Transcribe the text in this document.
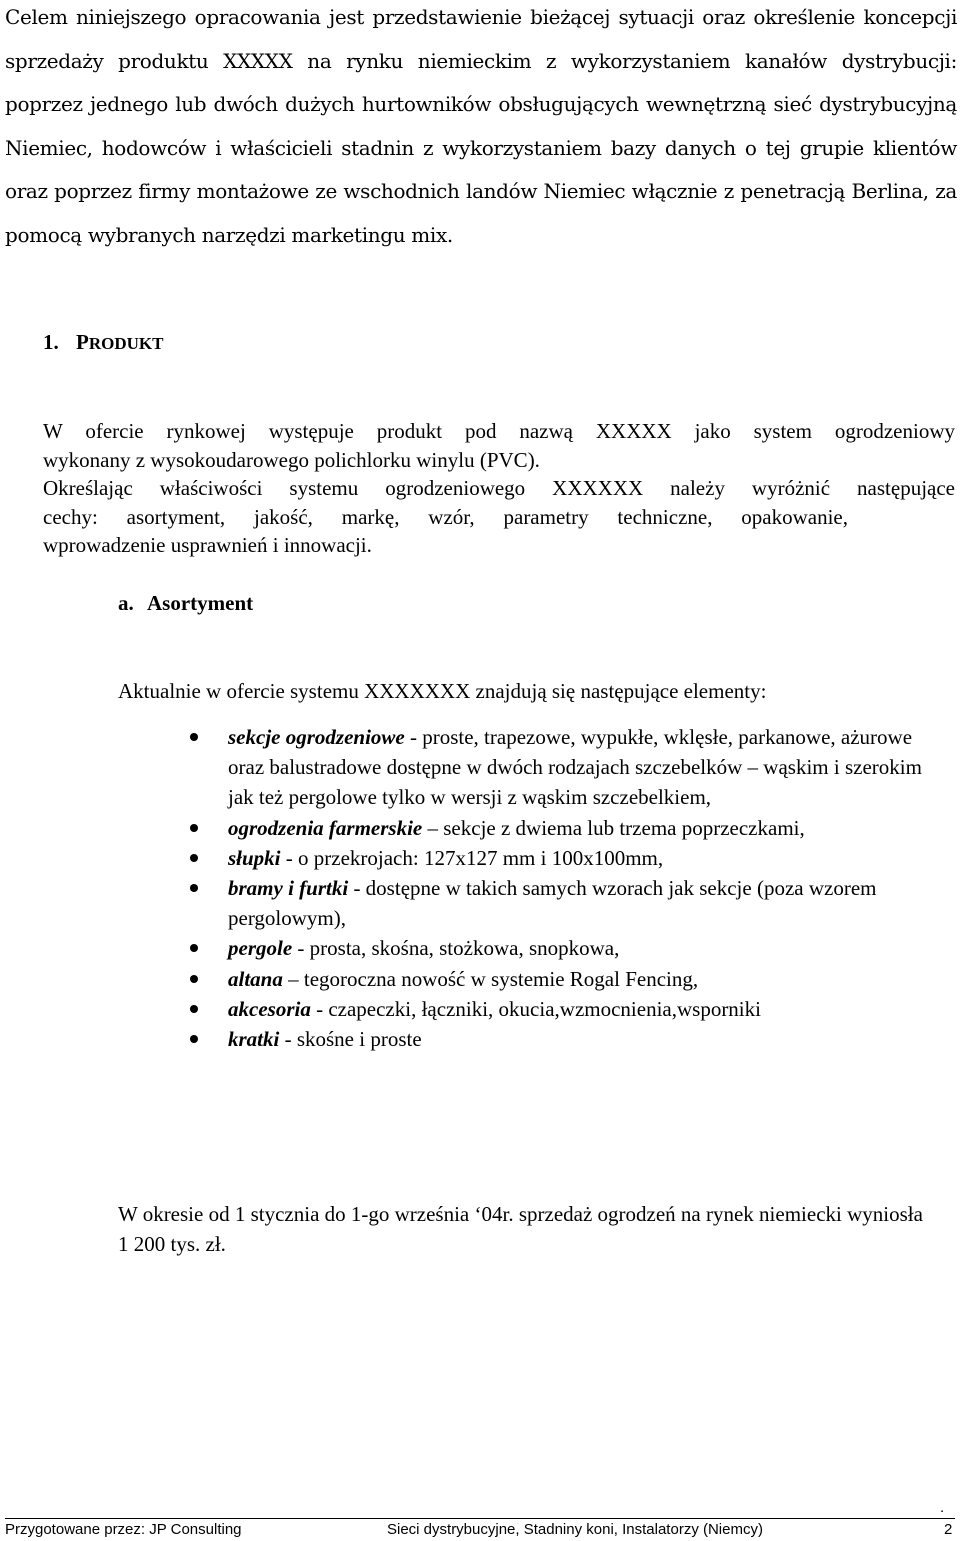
Celem niniejszego opracowania jest przedstawienie bieżącej sytuacji oraz określenie koncepcji sprzedaży produktu XXXXX na rynku niemieckim z wykorzystaniem kanałów dystrybucji: poprzez jednego lub dwóch dużych hurtowników obsługujących wewnętrzną sieć dystrybucyjną Niemiec, hodowców i właścicieli stadnin z wykorzystaniem bazy danych o tej grupie klientów oraz poprzez firmy montażowe ze wschodnich landów Niemiec włącznie z penetracją Berlina, za pomocą wybranych narzędzi marketingu mix.
1. PRODUKT
W ofercie rynkowej występuje produkt pod nazwą XXXXX jako system ogrodzeniowy
wykonany z wysokoudarowego polichlorku winylu (PVC).
Określając właściwości systemu ogrodzeniowego XXXXXX należy wyróżnić następujące
cechy: asortyment, jakość, markę, wzór, parametry techniczne, opakowanie,
wprowadzenie usprawnień i innowacji.
a. Asortyment
Aktualnie w ofercie systemu XXXXXXX znajdują się następujące elementy:
sekcje ogrodzeniowe - proste, trapezowe, wypukłe, wklęsłe, parkanowe, ażurowe oraz balustradowe dostępne w dwóch rodzajach szczebelków – wąskim i szerokim jak też pergolowe tylko w wersji z wąskim szczebelkiem,
ogrodzenia farmerskie – sekcje z dwiema lub trzema poprzeczkami,
słupki - o przekrojach: 127x127 mm i 100x100mm,
bramy i furtki - dostępne w takich samych wzorach jak sekcje (poza wzorem pergolowym),
pergole - prosta, skośna, stożkowa, snopkowa,
altana – tegoroczna nowość w systemie Rogal Fencing,
akcesoria - czapeczki, łączniki, okucia,wzmocnienia,wsporniki
kratki - skośne i proste
W okresie od 1 stycznia do 1-go września ‘04r. sprzedaż ogrodzeń na rynek niemiecki wyniosła 1 200 tys. zł.
.
Przygotowane przez: JP Consulting	Sieci dystrybucyjne, Stadniny koni, Instalatorzy (Niemcy)	2
